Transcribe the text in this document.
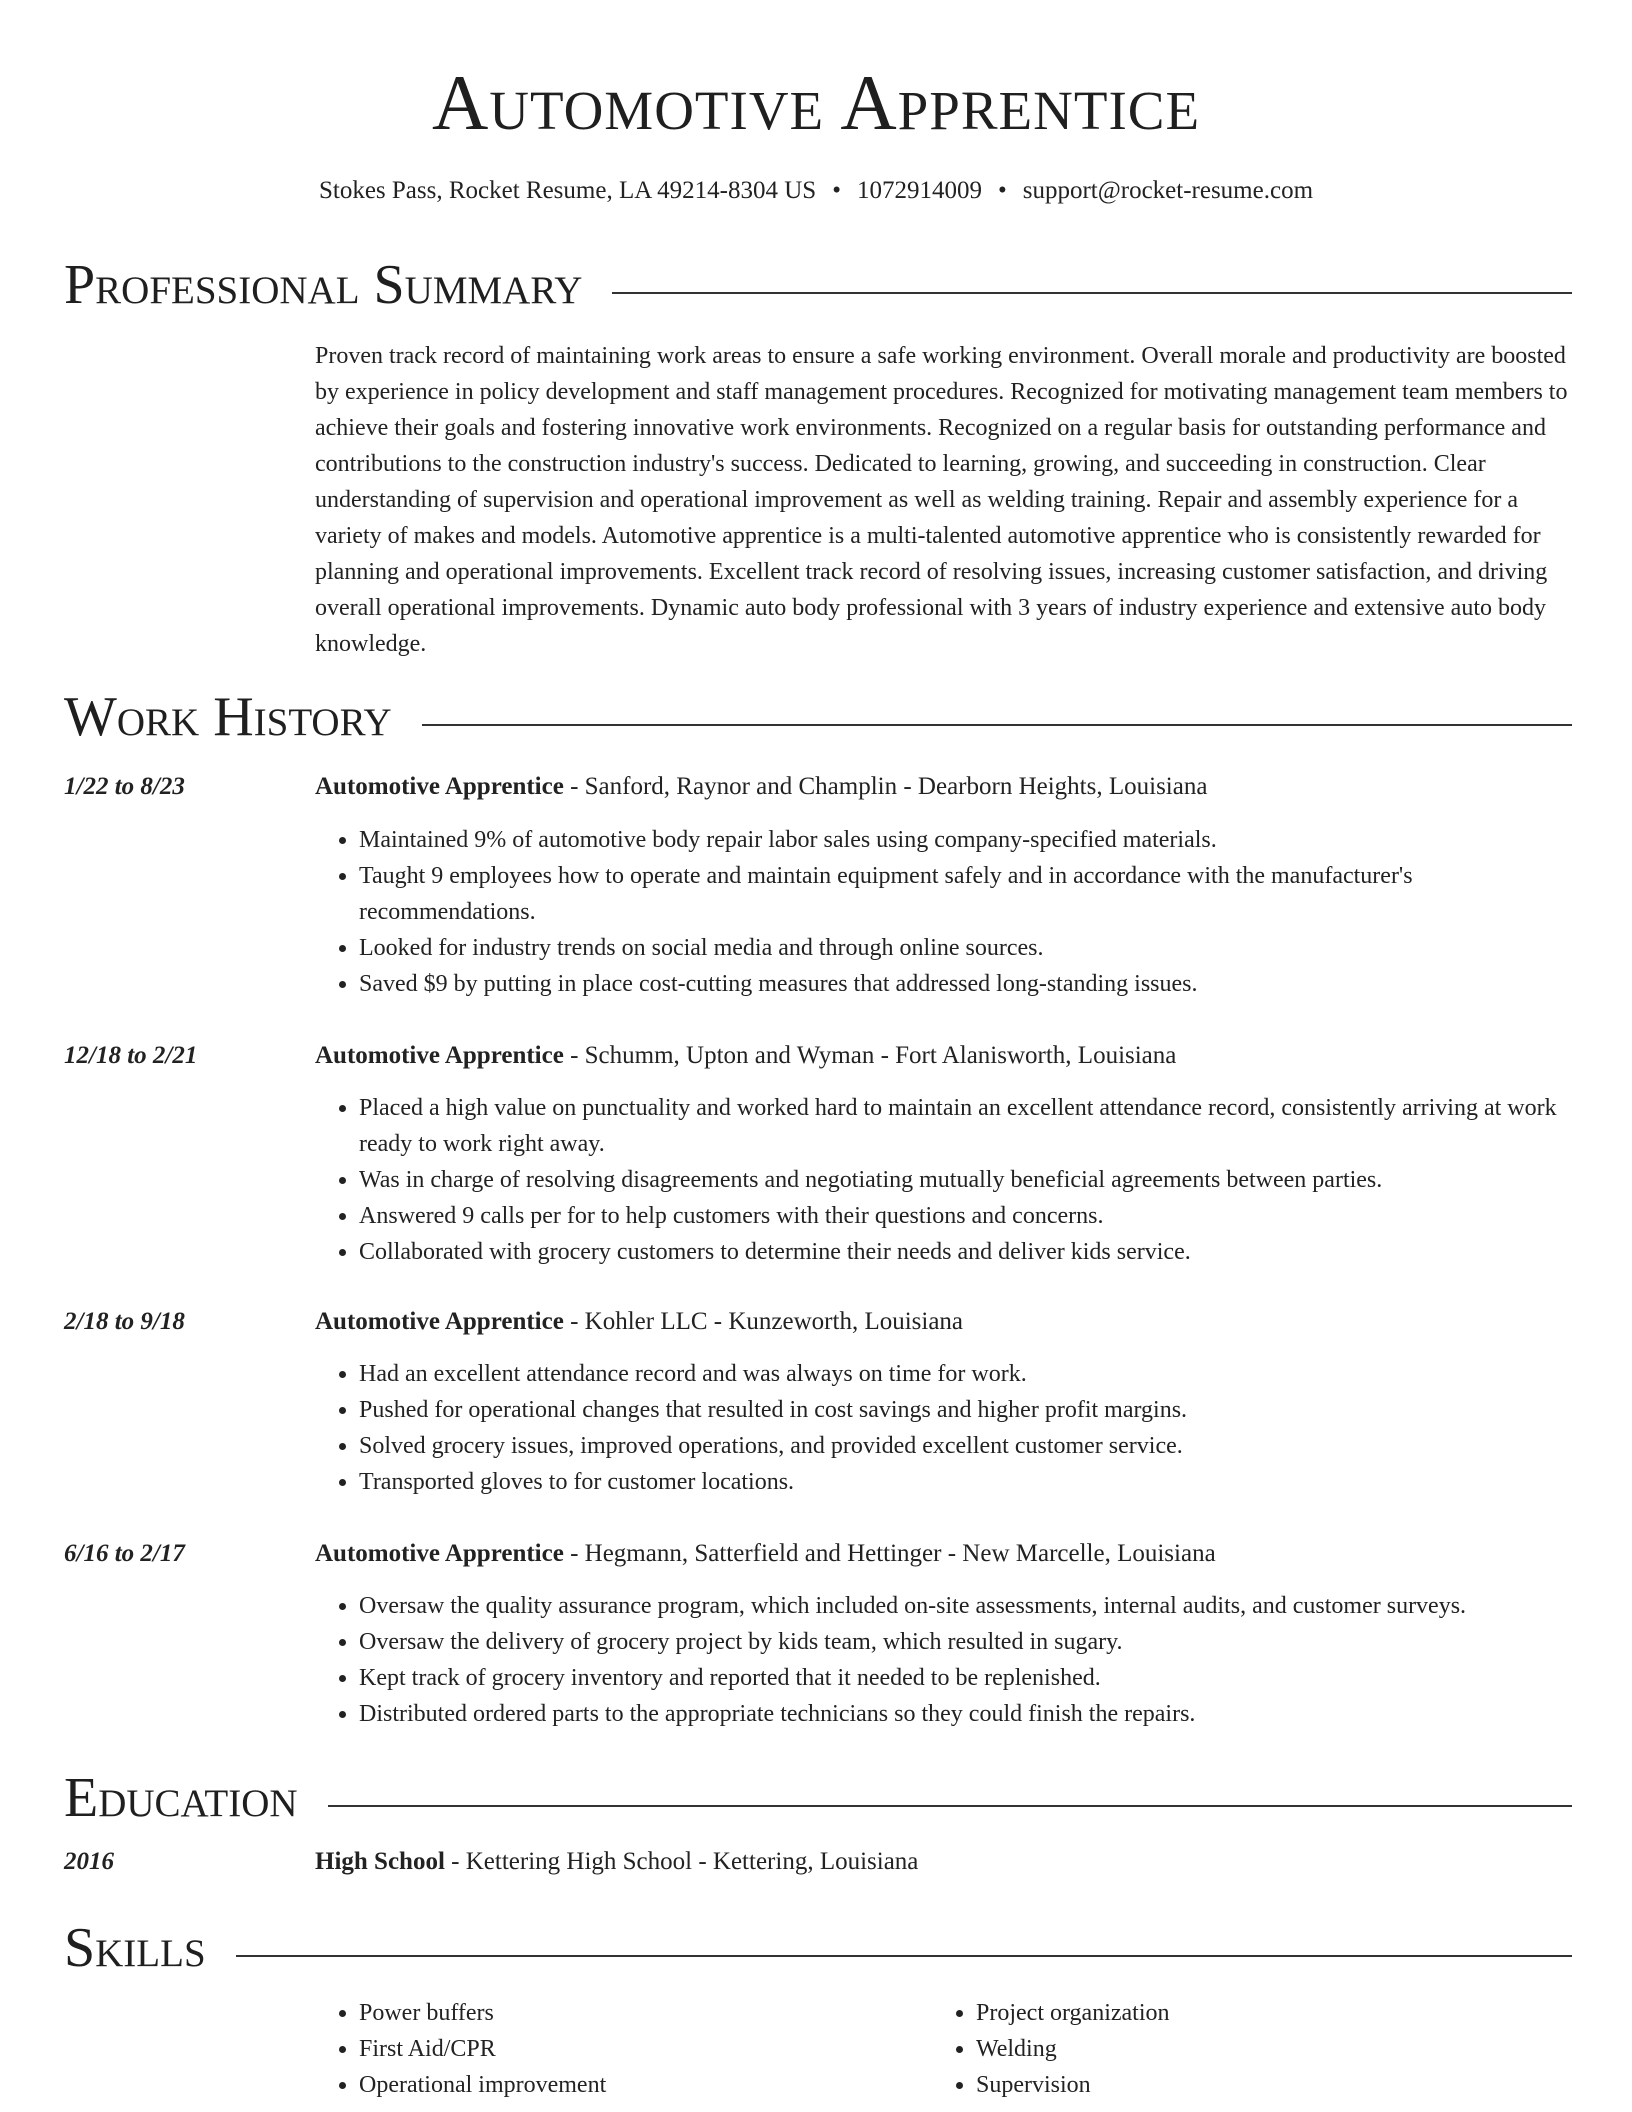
Automotive Apprentice
Stokes Pass, Rocket Resume, LA 49214-8304 US • 1072914009 • support@rocket-resume.com
Professional Summary

Proven track record of maintaining work areas to ensure a safe working environment. Overall morale and productivity are boosted by experience in policy development and staff management procedures. Recognized for motivating management team members to achieve their goals and fostering innovative work environments. Recognized on a regular basis for outstanding performance and contributions to the construction industry's success. Dedicated to learning, growing, and succeeding in construction. Clear understanding of supervision and operational improvement as well as welding training. Repair and assembly experience for a variety of makes and models. Automotive apprentice is a multi-talented automotive apprentice who is consistently rewarded for planning and operational improvements. Excellent track record of resolving issues, increasing customer satisfaction, and driving overall operational improvements. Dynamic auto body professional with 3 years of industry experience and extensive auto body knowledge.

Work History
1/22 to 8/23	Automotive Apprentice - Sanford, Raynor and Champlin - Dearborn Heights, Louisiana
• Maintained 9% of automotive body repair labor sales using company-specified materials.
• Taught 9 employees how to operate and maintain equipment safely and in accordance with the manufacturer's recommendations.
• Looked for industry trends on social media and through online sources.
• Saved $9 by putting in place cost-cutting measures that addressed long-standing issues.
12/18 to 2/21	Automotive Apprentice - Schumm, Upton and Wyman - Fort Alanisworth, Louisiana
• Placed a high value on punctuality and worked hard to maintain an excellent attendance record, consistently arriving at work ready to work right away.
• Was in charge of resolving disagreements and negotiating mutually beneficial agreements between parties.
• Answered 9 calls per for to help customers with their questions and concerns.
• Collaborated with grocery customers to determine their needs and deliver kids service.
2/18 to 9/18	Automotive Apprentice - Kohler LLC - Kunzeworth, Louisiana
• Had an excellent attendance record and was always on time for work.
• Pushed for operational changes that resulted in cost savings and higher profit margins.
• Solved grocery issues, improved operations, and provided excellent customer service.
• Transported gloves to for customer locations.
6/16 to 2/17	Automotive Apprentice - Hegmann, Satterfield and Hettinger - New Marcelle, Louisiana
• Oversaw the quality assurance program, which included on-site assessments, internal audits, and customer surveys.
• Oversaw the delivery of grocery project by kids team, which resulted in sugary.
• Kept track of grocery inventory and reported that it needed to be replenished.
• Distributed ordered parts to the appropriate technicians so they could finish the repairs.
Education
2016	High School - Kettering High School - Kettering, Louisiana
Skills
• Power buffers
• First Aid/CPR
• Operational improvement
• Project organization
• Welding
• Supervision
